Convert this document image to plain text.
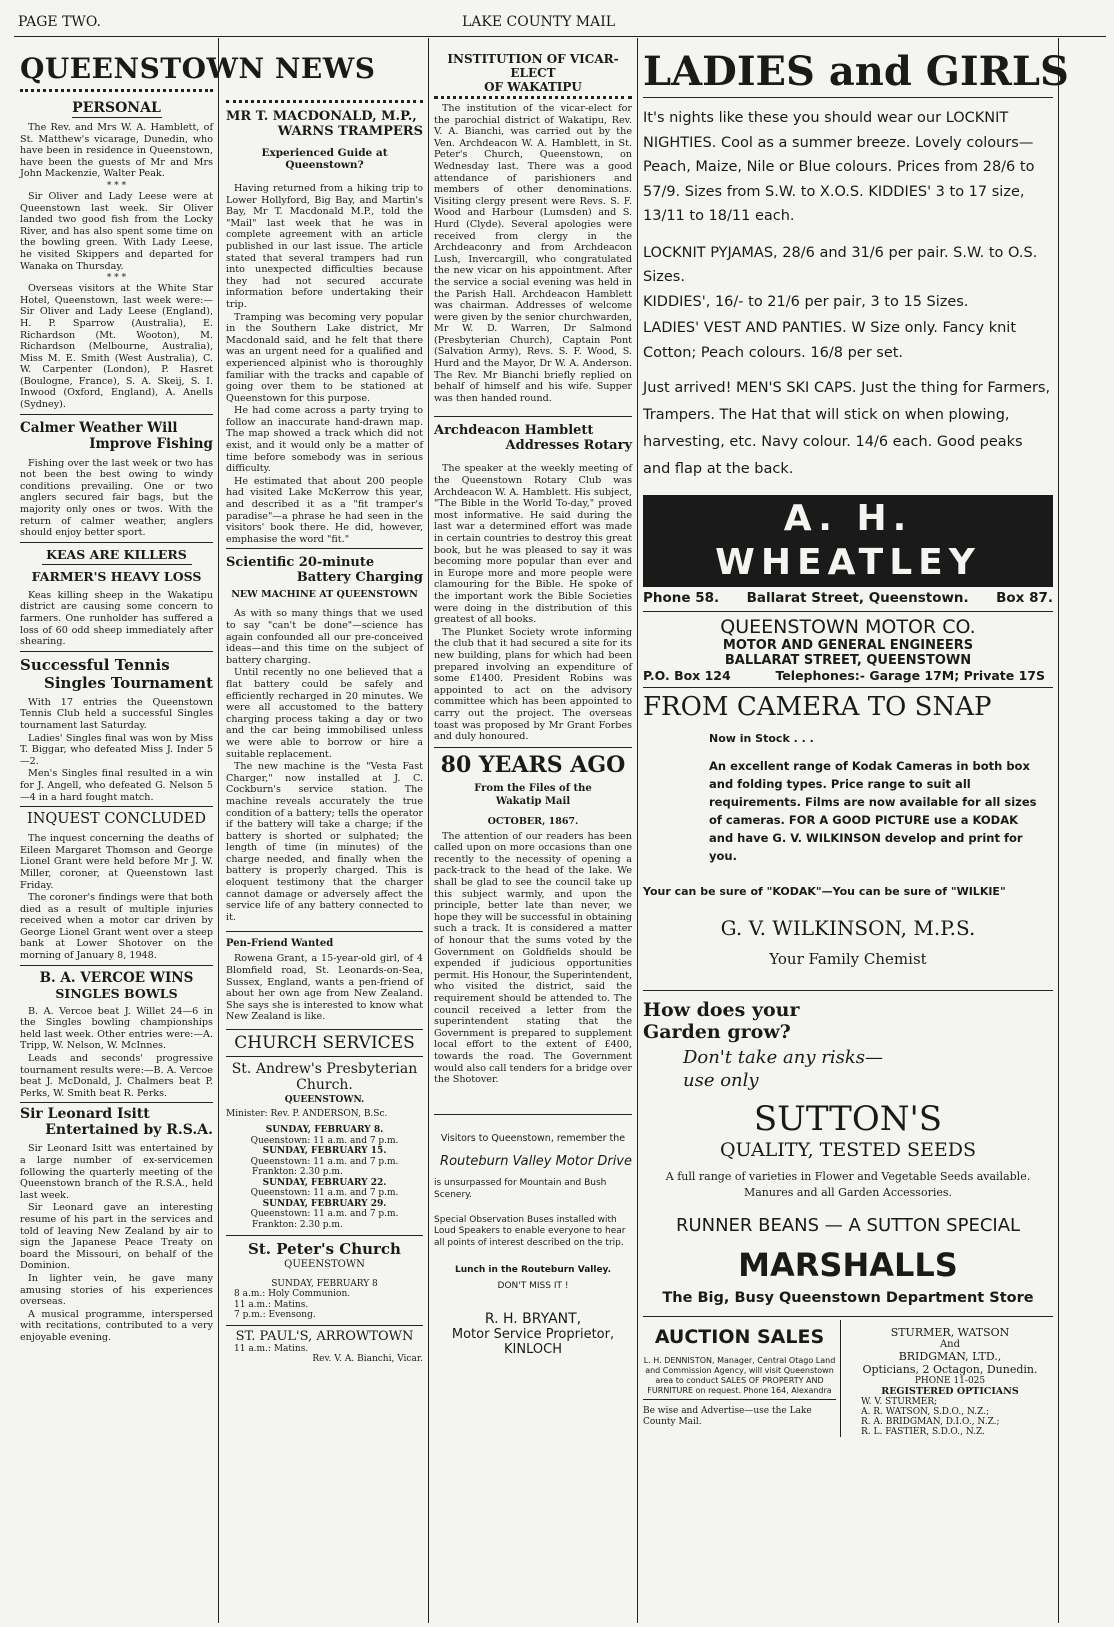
PAGE TWO.	LAKE COUNTY MAIL
QUEENSTOWN NEWS
PERSONAL

The Rev. and Mrs W. A. Hamblett, of St. Matthew's vicarage, Dunedin, who have been in residence in Queenstown, have been the guests of Mr and Mrs John Mackenzie, Walter Peak.

* * *

Sir Oliver and Lady Leese were at Queenstown last week. Sir Oliver landed two good fish from the Locky River, and has also spent some time on the bowling green. With Lady Leese, he visited Skippers and departed for Wanaka on Thursday.

* * *

Overseas visitors at the White Star Hotel, Queenstown, last week were:—Sir Oliver and Lady Leese (England), H. P. Sparrow (Australia), E. Richardson (Mt. Wooton), M. Richardson (Melbourne, Australia), Miss M. E. Smith (West Australia), C. W. Carpenter (London), P. Hasret (Boulogne, France), S. A. Skeij, S. I. Inwood (Oxford, England), A. Anells (Sydney).

Calmer Weather Will
Improve Fishing

Fishing over the last week or two has not been the best owing to windy conditions prevailing. One or two anglers secured fair bags, but the majority only ones or twos. With the return of calmer weather, anglers should enjoy better sport.

KEAS ARE KILLERS
FARMER'S HEAVY LOSS

Keas killing sheep in the Wakatipu district are causing some concern to farmers. One runholder has suffered a loss of 60 odd sheep immediately after shearing.

Successful Tennis
Singles Tournament

With 17 entries the Queenstown Tennis Club held a successful Singles tournament last Saturday.

Ladies' Singles final was won by Miss T. Biggar, who defeated Miss J. Inder 5—2.

Men's Singles final resulted in a win for J. Angell, who defeated G. Nelson 5—4 in a hard fought match.

INQUEST CONCLUDED

The inquest concerning the deaths of Eileen Margaret Thomson and George Lionel Grant were held before Mr J. W. Miller, coroner, at Queenstown last Friday.

The coroner's findings were that both died as a result of multiple injuries received when a motor car driven by George Lionel Grant went over a steep bank at Lower Shotover on the morning of January 8, 1948.

B. A. VERCOE WINS
SINGLES BOWLS

B. A. Vercoe beat J. Willet 24—6 in the Singles bowling championships held last week. Other entries were:—A. Tripp, W. Nelson, W. McInnes.

Leads and seconds' progressive tournament results were:—B. A. Vercoe beat J. McDonald, J. Chalmers beat P. Perks, W. Smith beat R. Perks.

Sir Leonard Isitt
Entertained by R.S.A.

Sir Leonard Isitt was entertained by a large number of ex-servicemen following the quarterly meeting of the Queenstown branch of the R.S.A., held last week.

Sir Leonard gave an interesting resume of his part in the services and told of leaving New Zealand by air to sign the Japanese Peace Treaty on board the Missouri, on behalf of the Dominion.

In lighter vein, he gave many amusing stories of his experiences overseas.

A musical programme, interspersed with recitations, contributed to a very enjoyable evening.

MR T. MACDONALD, M.P.,
WARNS TRAMPERS
Experienced Guide at Queenstown?

Having returned from a hiking trip to Lower Hollyford, Big Bay, and Martin's Bay, Mr T. Macdonald M.P., told the "Mail" last week that he was in complete agreement with an article published in our last issue. The article stated that several trampers had run into unexpected difficulties because they had not secured accurate information before undertaking their trip.

Tramping was becoming very popular in the Southern Lake district, Mr Macdonald said, and he felt that there was an urgent need for a qualified and experienced alpinist who is thoroughly familiar with the tracks and capable of going over them to be stationed at Queenstown for this purpose.

He had come across a party trying to follow an inaccurate hand-drawn map. The map showed a track which did not exist, and it would only be a matter of time before somebody was in serious difficulty.

He estimated that about 200 people had visited Lake McKerrow this year, and described it as a "fit tramper's paradise"—a phrase he had seen in the visitors' book there. He did, however, emphasise the word "fit."

Scientific 20-minute
Battery Charging
NEW MACHINE AT QUEENSTOWN

As with so many things that we used to say "can't be done"—science has again confounded all our pre-conceived ideas—and this time on the subject of battery charging.

Until recently no one believed that a flat battery could be safely and efficiently recharged in 20 minutes. We were all accustomed to the battery charging process taking a day or two and the car being immobilised unless we were able to borrow or hire a suitable replacement.

The new machine is the "Vesta Fast Charger," now installed at J. C. Cockburn's service station. The machine reveals accurately the true condition of a battery; tells the operator if the battery will take a charge; if the battery is shorted or sulphated; the length of time (in minutes) of the charge needed, and finally when the battery is properly charged. This is eloquent testimony that the charger cannot damage or adversely affect the service life of any battery connected to it.

Pen-Friend Wanted

Rowena Grant, a 15-year-old girl, of 4 Blomfield road, St. Leonards-on-Sea, Sussex, England, wants a pen-friend of about her own age from New Zealand. She says she is interested to know what New Zealand is like.

CHURCH SERVICES
St. Andrew's Presbyterian
Church.
QUEENSTOWN.
Minister: Rev. P. ANDERSON, B.Sc.
SUNDAY, FEBRUARY 8.
Queenstown: 11 a.m. and 7 p.m.
SUNDAY, FEBRUARY 15.
Queenstown: 11 a.m. and 7 p.m.
Frankton: 2.30 p.m.
SUNDAY, FEBRUARY 22.
Queenstown: 11 a.m. and 7 p.m.
SUNDAY, FEBRUARY 29.
Queenstown: 11 a.m. and 7 p.m.
Frankton: 2.30 p.m.
St. Peter's Church
QUEENSTOWN
SUNDAY, FEBRUARY 8
8 a.m.: Holy Communion.
11 a.m.: Matins.
7 p.m.: Evensong.
ST. PAUL'S, ARROWTOWN
11 a.m.: Matins.
Rev. V. A. Bianchi, Vicar.
INSTITUTION OF VICAR-ELECT
OF WAKATIPU

The institution of the vicar-elect for the parochial district of Wakatipu, Rev. V. A. Bianchi, was carried out by the Ven. Archdeacon W. A. Hamblett, in St. Peter's Church, Queenstown, on Wednesday last. There was a good attendance of parishioners and members of other denominations. Visiting clergy present were Revs. S. F. Wood and Harbour (Lumsden) and S. Hurd (Clyde). Several apologies were received from clergy in the Archdeaconry and from Archdeacon Lush, Invercargill, who congratulated the new vicar on his appointment. After the service a social evening was held in the Parish Hall. Archdeacon Hamblett was chairman. Addresses of welcome were given by the senior churchwarden, Mr W. D. Warren, Dr Salmond (Presbyterian Church), Captain Pont (Salvation Army), Revs. S. F. Wood, S. Hurd and the Mayor, Dr W. A. Anderson. The Rev. Mr Bianchi briefly replied on behalf of himself and his wife. Supper was then handed round.

Archdeacon Hamblett
Addresses Rotary

The speaker at the weekly meeting of the Queenstown Rotary Club was Archdeacon W. A. Hamblett. His subject, "The Bible in the World To-day," proved most informative. He said during the last war a determined effort was made in certain countries to destroy this great book, but he was pleased to say it was becoming more popular than ever and in Europe more and more people were clamouring for the Bible. He spoke of the important work the Bible Societies were doing in the distribution of this greatest of all books.

The Plunket Society wrote informing the club that it had secured a site for its new building, plans for which had been prepared involving an expenditure of some £1400. President Robins was appointed to act on the advisory committee which has been appointed to carry out the project. The overseas toast was proposed by Mr Grant Forbes and duly honoured.

80 YEARS AGO
From the Files of the Wakatip Mail
OCTOBER, 1867.

The attention of our readers has been called upon on more occasions than one recently to the necessity of opening a pack-track to the head of the lake. We shall be glad to see the council take up this subject warmly, and upon the principle, better late than never, we hope they will be successful in obtaining such a track. It is considered a matter of honour that the sums voted by the Government on Goldfields should be expended if judicious opportunities permit. His Honour, the Superintendent, who visited the district, said the requirement should be attended to. The council received a letter from the superintendent stating that the Government is prepared to supplement local effort to the extent of £400, towards the road. The Government would also call tenders for a bridge over the Shotover.

Visitors to Queenstown, remember the
Routeburn Valley Motor Drive
is unsurpassed for Mountain and Bush Scenery.
Special Observation Buses installed with Loud Speakers to enable everyone to hear all points of interest described on the trip.
Lunch in the Routeburn Valley.
DON'T MISS IT !
R. H. BRYANT,
Motor Service Proprietor,
KINLOCH
LADIES and GIRLS
It's nights like these you should wear our LOCKNIT NIGHTIES. Cool as a summer breeze. Lovely colours—Peach, Maize, Nile or Blue colours. Prices from 28/6 to 57/9. Sizes from S.W. to X.O.S. KIDDIES' 3 to 17 size, 13/11 to 18/11 each.
LOCKNIT PYJAMAS, 28/6 and 31/6 per pair. S.W. to O.S. Sizes.
KIDDIES', 16/- to 21/6 per pair, 3 to 15 Sizes.
LADIES' VEST AND PANTIES. W Size only. Fancy knit Cotton; Peach colours. 16/8 per set.
Just arrived! MEN'S SKI CAPS. Just the thing for Farmers, Trampers. The Hat that will stick on when plowing, harvesting, etc. Navy colour. 14/6 each. Good peaks and flap at the back.
A. H. WHEATLEY
Phone 58. Ballarat Street, Queenstown. Box 87.
QUEENSTOWN MOTOR CO.
MOTOR AND GENERAL ENGINEERS
BALLARAT STREET, QUEENSTOWN
P.O. Box 124	Telephones:- Garage 17M; Private 17S
FROM CAMERA TO SNAP
Now in Stock . . .
An excellent range of Kodak Cameras in both box and folding types. Price range to suit all requirements. Films are now available for all sizes of cameras. FOR A GOOD PICTURE use a KODAK and have G. V. WILKINSON develop and print for you.
Your can be sure of "KODAK"—You can be sure of "WILKIE"
G. V. WILKINSON, M.P.S.
Your Family Chemist
How does your
Garden grow?
Don't take any risks—
use only
SUTTON'S
QUALITY, TESTED SEEDS
A full range of varieties in Flower and Vegetable Seeds available. Manures and all Garden Accessories.
RUNNER BEANS — A SUTTON SPECIAL
MARSHALLS
The Big, Busy Queenstown Department Store
AUCTION SALES
L. H. DENNISTON, Manager, Central Otago Land and Commission Agency, will visit Queenstown area to conduct SALES OF PROPERTY AND FURNITURE on request. Phone 164, Alexandra
Be wise and Advertise—use the Lake County Mail.
STURMER, WATSON
And
BRIDGMAN, LTD.,
Opticians, 2 Octagon, Dunedin.
PHONE 11-025
REGISTERED OPTICIANS
W. V. STURMER;
A. R. WATSON, S.D.O., N.Z.;
R. A. BRIDGMAN, D.I.O., N.Z.;
R. L. FASTIER, S.D.O., N.Z.
